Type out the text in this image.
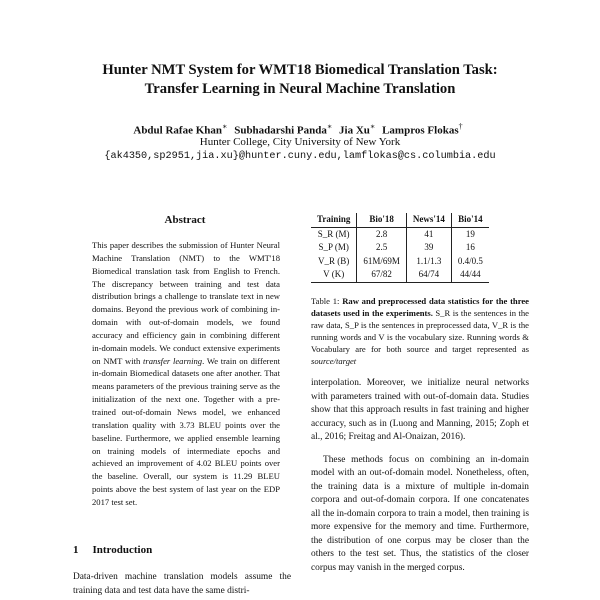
Hunter NMT System for WMT18 Biomedical Translation Task:
Transfer Learning in Neural Machine Translation
Abdul Rafae Khan∗ Subhadarshi Panda∗ Jia Xu∗ Lampros Flokas†
Hunter College, City University of New York
{ak4350,sp2951,jia.xu}@hunter.cuny.edu,lamflokas@cs.columbia.edu
Abstract
This paper describes the submission of Hunter Neural Machine Translation (NMT) to the WMT'18 Biomedical translation task from English to French. The discrepancy between training and test data distribution brings a challenge to translate text in new domains. Beyond the previous work of combining in-domain with out-of-domain models, we found accuracy and efficiency gain in combining different in-domain models. We conduct extensive experiments on NMT with transfer learning. We train on different in-domain Biomedical datasets one after another. That means parameters of the previous training serve as the initialization of the next one. Together with a pre-trained out-of-domain News model, we enhanced translation quality with 3.73 BLEU points over the baseline. Furthermore, we applied ensemble learning on training models of intermediate epochs and achieved an improvement of 4.02 BLEU points over the baseline. Overall, our system is 11.29 BLEU points above the best system of last year on the EDP 2017 test set.
1 Introduction
Data-driven machine translation models assume the training data and test data have the same distri-
Training	Bio'18	News'14	Bio'14
S_R (M)	2.8	41	19
S_P (M)	2.5	39	16
V_R (B)	61M/69M	1.1/1.3	0.4/0.5
V (K)	67/82	64/74	44/44
Table 1: Raw and preprocessed data statistics for the three datasets used in the experiments. S_R is the sentences in the raw data, S_P is the sentences in preprocessed data, V_R is the running words and V is the vocabulary size. Running words & Vocabulary are for both source and target represented as source/target

interpolation. Moreover, we initialize neural networks with parameters trained with out-of-domain data. Studies show that this approach results in fast training and higher accuracy, such as in (Luong and Manning, 2015; Zoph et al., 2016; Freitag and Al-Onaizan, 2016).

These methods focus on combining an in-domain model with an out-of-domain model. Nonetheless, often, the training data is a mixture of multiple in-domain corpora and out-of-domain corpora. If one concatenates all the in-domain corpora to train a model, then training is more expensive for the memory and time. Furthermore, the distribution of one corpus may be closer than the others to the test set. Thus, the statistics of the closer corpus may vanish in the merged corpus.
